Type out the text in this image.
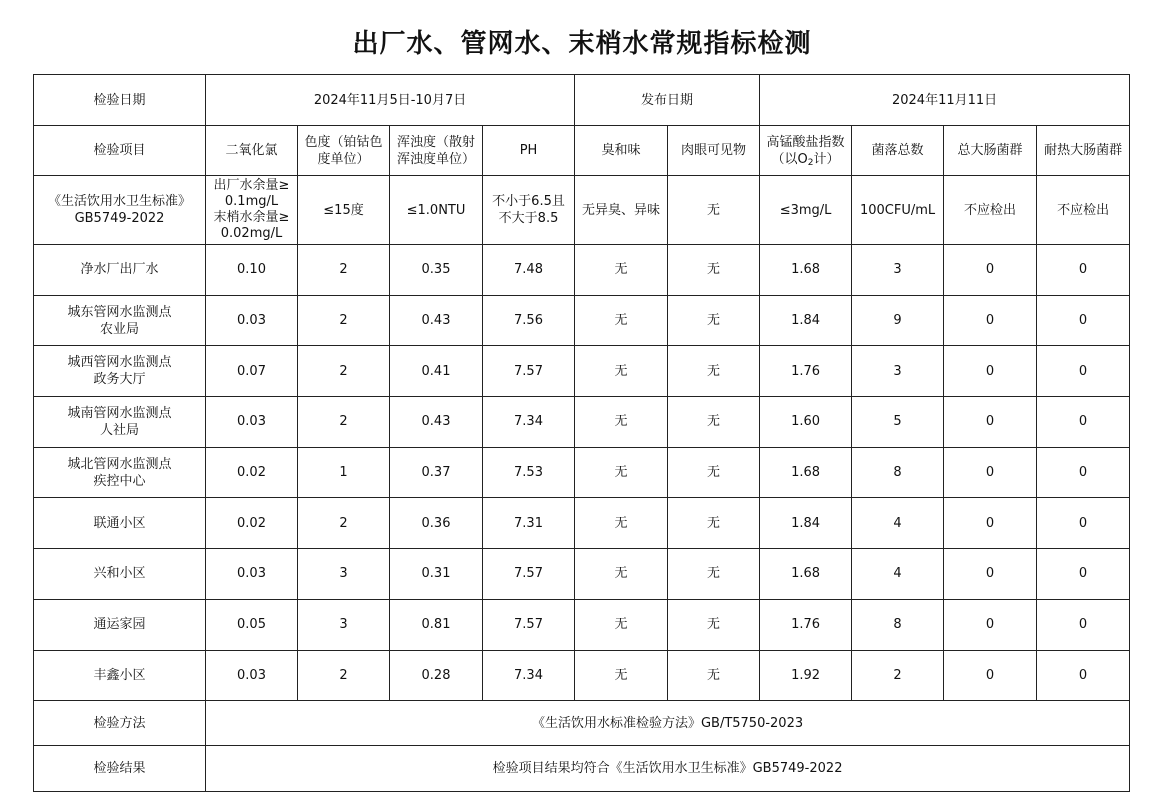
出厂水、管网水、末梢水常规指标检测
检验日期	2024年11月5日-10月7日				发布日期		2024年11月11日			
检验项目	二氧化氯	色度（铂钴色
度单位）	浑浊度（散射
浑浊度单位）	PH	臭和味	肉眼可见物	高锰酸盐指数
（以$O_2$计）	菌落总数	总大肠菌群	耐热大肠菌群

《生活饮用水卫生标准》
GB5749-2022	出厂水余量≥
0.1mg/L
末梢水余量≥
0.02mg/L	≤15度	≤1.0NTU	不小于6.5且
不大于8.5	无异臭、异味	无	≤3mg/L	100CFU/mL	不应检出	不应检出

净水厂出厂水	0.10	2	0.35	7.48	无	无	1.68	3	0	0

城东管网水监测点
农业局	0.03	2	0.43	7.56	无	无	1.84	9	0	0

城西管网水监测点
政务大厅	0.07	2	0.41	7.57	无	无	1.76	3	0	0

城南管网水监测点
人社局	0.03	2	0.43	7.34	无	无	1.60	5	0	0

城北管网水监测点
疾控中心	0.02	1	0.37	7.53	无	无	1.68	8	0	0

联通小区	0.02	2	0.36	7.31	无	无	1.84	4	0	0

兴和小区	0.03	3	0.31	7.57	无	无	1.68	4	0	0

通运家园	0.05	3	0.81	7.57	无	无	1.76	8	0	0

丰鑫小区	0.03	2	0.28	7.34	无	无	1.92	2	0	0
检验方法	《生活饮用水标准检验方法》GB/T5750-2023									
检验结果	检验项目结果均符合《生活饮用水卫生标准》GB5749-2022									
